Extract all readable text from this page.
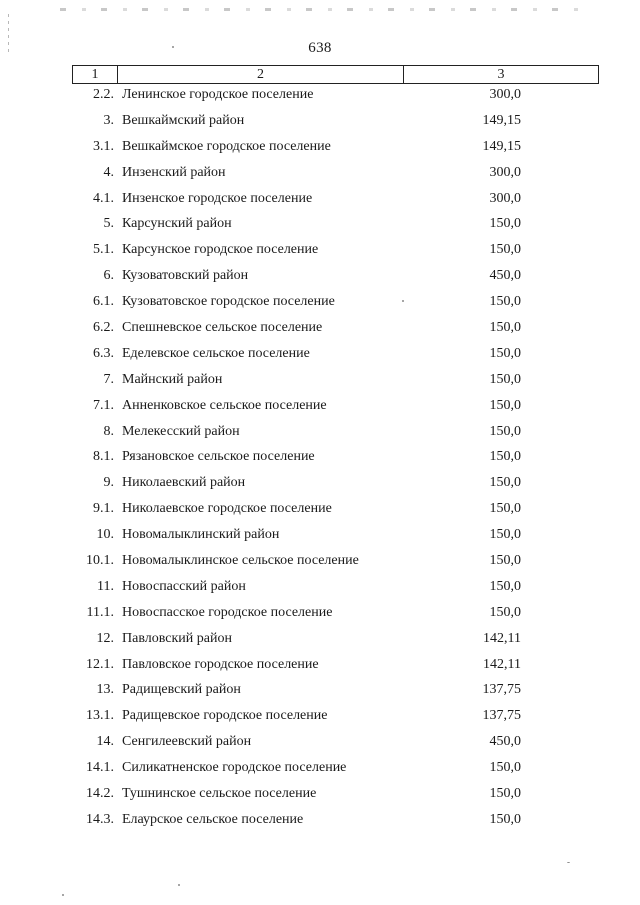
638
1	2	3
2.2. Ленинское городское поселение	300,0
3. Вешкаймский район	149,15
3.1. Вешкаймское городское поселение	149,15
4. Инзенский район	300,0
4.1. Инзенское городское поселение	300,0
5. Карсунский район	150,0
5.1. Карсунское городское поселение	150,0
6. Кузоватовский район	450,0
6.1. Кузоватовское городское поселение	150,0
6.2. Спешневское сельское поселение	150,0
6.3. Еделевское сельское поселение	150,0
7. Майнский район	150,0
7.1. Анненковское сельское поселение	150,0
8. Мелекесский район	150,0
8.1. Рязановское сельское поселение	150,0
9. Николаевский район	150,0
9.1. Николаевское городское поселение	150,0
10. Новомалыклинский район	150,0
10.1. Новомалыклинское сельское поселение	150,0
11. Новоспасский район	150,0
11.1. Новоспасское городское поселение	150,0
12. Павловский район	142,11
12.1. Павловское городское поселение	142,11
13. Радищевский район	137,75
13.1. Радищевское городское поселение	137,75
14. Сенгилеевский район	450,0
14.1. Силикатненское городское поселение	150,0
14.2. Тушнинское сельское поселение	150,0
14.3. Елаурское сельское поселение	150,0
